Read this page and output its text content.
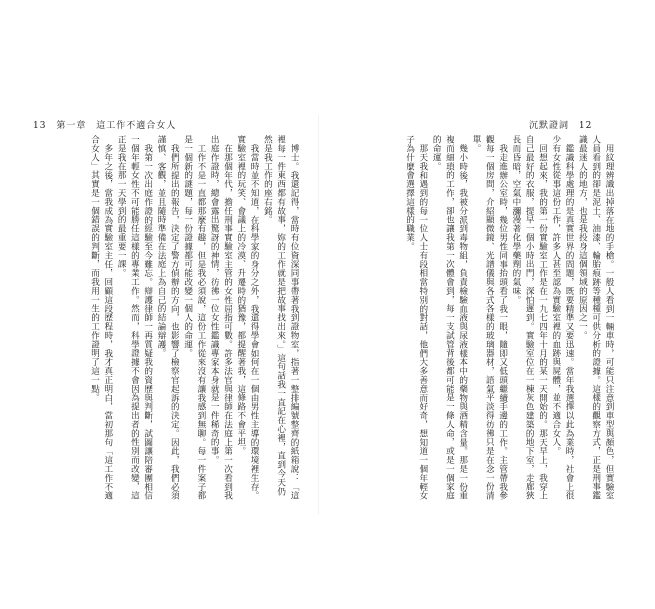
13 第一章 這工作不適合女人	沉默證詞 12

用紋理辨識出掉落在地的手槍。一般人看到一輛車時，可能只注意到車型與顏色，但實驗室人員看到的卻是泥土、油漆、輪胎痕跡等種種可供分析的證據。這樣的觀察方式，正是刑事鑑識最迷人的地方，也是我投身這個領域的原因之一。

鑑識科學處理的是真實世界的問題，既要精準又要迅速。當年我選擇以此為業時，社會上很少有女性從事這份工作，許多人甚至認為實驗室裡的血跡與屍體，並不適合女人。

回想起來，我的第一份實驗室工作是在一九七四年十月的某一天開始的。那天早上，我穿上自己最好的衣服，提早一個小時出門，深怕遲到。實驗室位在一棟灰色建築的地下室，走廊狹長而昏暗，空氣中瀰漫著化學藥劑的氣味。

我走進辦公室時，幾位男性同事抬頭看了我一眼，隨即又低頭繼續手邊的工作。主管帶我參觀每一個房間，介紹顯微鏡、光譜儀與各式各樣的玻璃器材，語氣平淡得彷彿只是在念一份清單。

幾小時後，我被分派到毒物組，負責檢驗血液與尿液樣本中的藥物與酒精含量。那是一份重複而細瑣的工作，卻也讓我第一次體會到，每一支試管背後都可能是一條人命，或是一個家庭的命運。

那天我和遇到的每一位人士有段相當特別的對話，他們大多善意而好奇，想知道一個年輕女子為什麼會選擇這樣的職業。

博士。我還記得，當時有位資深同事帶著我到證物室，指著一整排編號整齊的紙箱說：「這裡每一件東西都有故事，妳的工作就是把故事找出來。」這句話我一直記在心裡，直到今天仍然是我工作的座右銘。

我當時並不知道，在科學家的身分之外，我還得學會如何在一個由男性主導的環境裡生存。實驗室裡的玩笑、會議上的冷漠、升遷時的猶豫，都提醒著我，這條路不會平坦。

在那個年代，擔任刑事實驗室主管的女性屈指可數。許多法官與律師在法庭上第一次看到我出庭作證時，總會露出驚訝的神情，彷彿一位女性鑑識專家本身就是一件稀奇的事。

工作不是一直都那麼有趣，但是我必須說，這份工作從來沒有讓我感到無聊。每一件案子都是一個新的謎題，每一份證據都可能改變一個人的命運。

我們所提出的報告，決定了警方偵辦的方向，也影響了檢察官起訴的決定。因此，我們必須謹慎、客觀，並且隨時準備在法庭上為自己的結論辯護。

我第一次出庭作證的經驗至今難忘。辯護律師一再質疑我的資歷與判斷，試圖讓陪審團相信一個年輕女性不可能勝任這樣的專業工作。然而，科學證據不會因為提出者的性別而改變，這正是我在那一天學到的最重要一課。

多年之後，當我成為實驗室主任，回顧這段歷程時，我才真正明白，當初那句「這工作不適合女人」其實是一個錯誤的判斷，而我用一生的工作證明了這一點。
